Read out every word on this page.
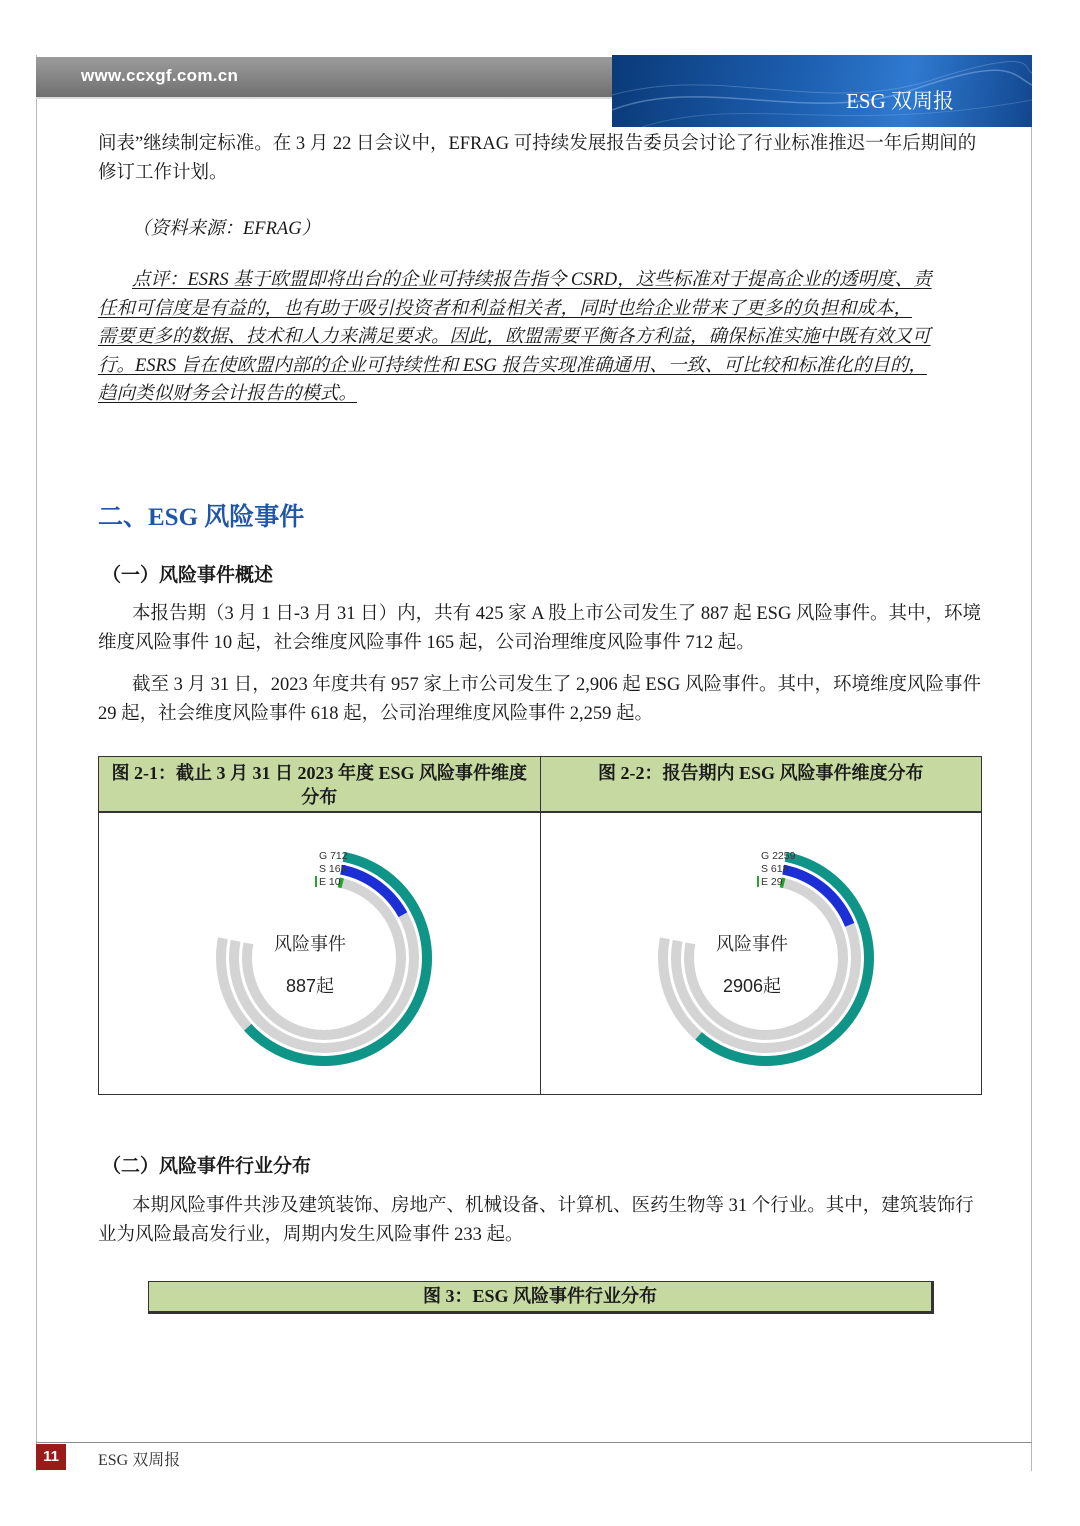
www.ccxgf.com.cn
ESG 双周报
间表”继续制定标准。在 3 月 22 日会议中，EFRAG 可持续发展报告委员会讨论了行业标准推迟一年后期间的修订工作计划。
（资料来源：EFRAG）
点评：ESRS 基于欧盟即将出台的企业可持续报告指令 CSRD，这些标准对于提高企业的透明度、责
任和可信度是有益的，也有助于吸引投资者和利益相关者，同时也给企业带来了更多的负担和成本，
需要更多的数据、技术和人力来满足要求。因此，欧盟需要平衡各方利益，确保标准实施中既有效又可
行。ESRS 旨在使欧盟内部的企业可持续性和 ESG 报告实现准确通用、一致、可比较和标准化的目的，
趋向类似财务会计报告的模式。
二、ESG 风险事件
（一）风险事件概述
本报告期（3 月 1 日-3 月 31 日）内，共有 425 家 A 股上市公司发生了 887 起 ESG 风险事件。其中，环境维度风险事件 10 起，社会维度风险事件 165 起，公司治理维度风险事件 712 起。
截至 3 月 31 日，2023 年度共有 957 家上市公司发生了 2,906 起 ESG 风险事件。其中，环境维度风险事件 29 起，社会维度风险事件 618 起，公司治理维度风险事件 2,259 起。
图 2-1：截止 3 月 31 日 2023 年度 ESG 风险事件维度分布	图 2-2：报告期内 ESG 风险事件维度分布

G 712
S 165
E 10
风险事件
887起	G 2259
S 618
E 29
风险事件
2906起
（二）风险事件行业分布
本期风险事件共涉及建筑装饰、房地产、机械设备、计算机、医药生物等 31 个行业。其中，建筑装饰行业为风险最高发行业，周期内发生风险事件 233 起。
图 3：ESG 风险事件行业分布
11	ESG 双周报
